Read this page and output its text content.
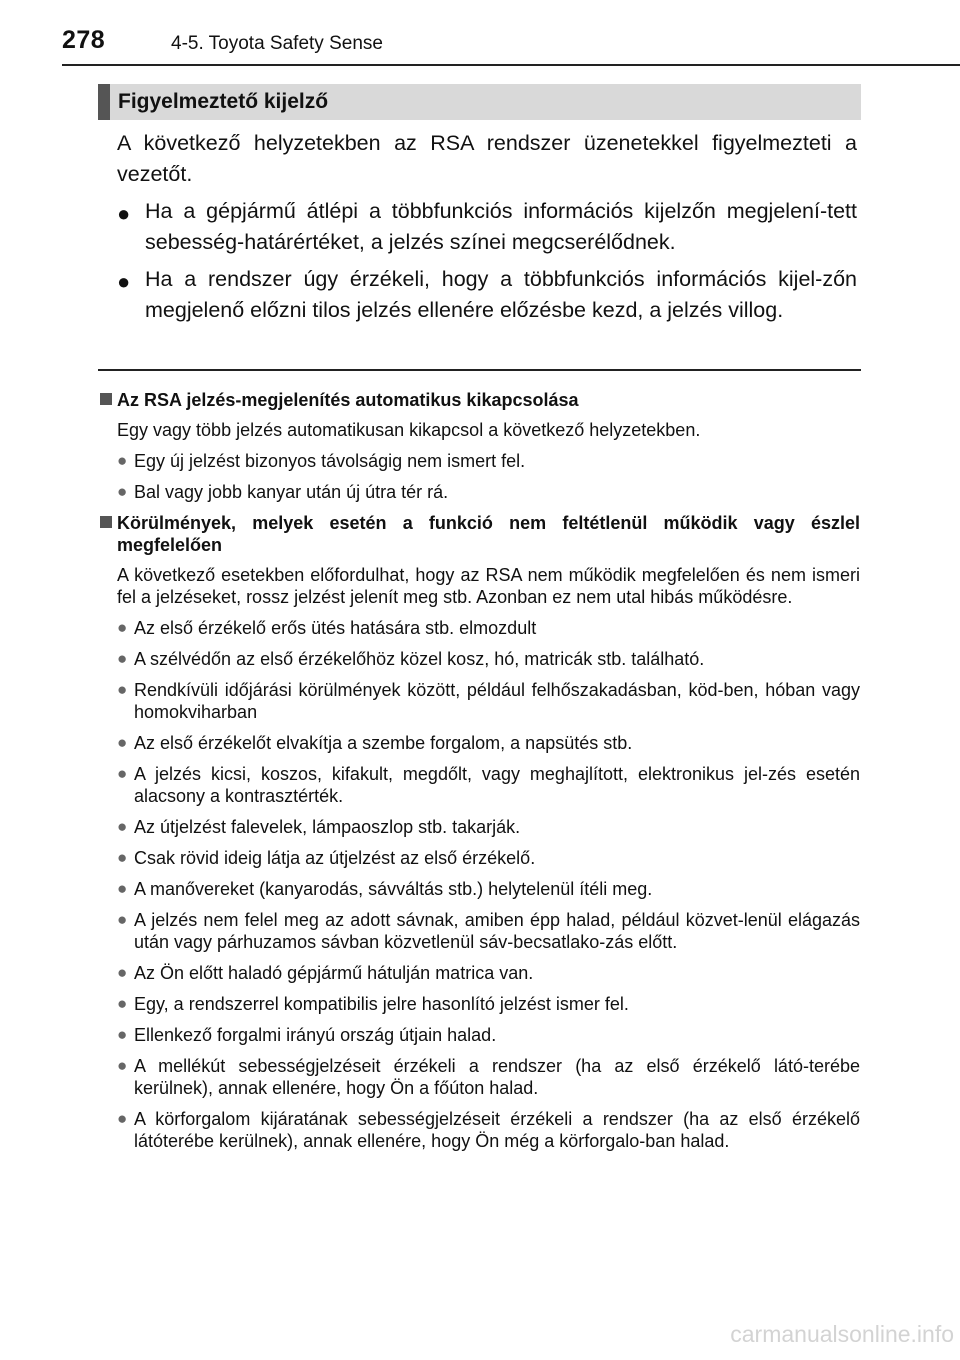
278	4-5. Toyota Safety Sense
Figyelmeztető kijelző

A következő helyzetekben az RSA rendszer üzenetekkel figyelmezteti a vezetőt.

● Ha a gépjármű átlépi a többfunkciós információs kijelzőn megjelení-tett sebesség-határértéket, a jelzés színei megcserélődnek.
● Ha a rendszer úgy érzékeli, hogy a többfunkciós információs kijel-zőn megjelenő előzni tilos jelzés ellenére előzésbe kezd, a jelzés villog.
Az RSA jelzés-megjelenítés automatikus kikapcsolása
Egy vagy több jelzés automatikusan kikapcsol a következő helyzetekben.
● Egy új jelzést bizonyos távolságig nem ismert fel.
● Bal vagy jobb kanyar után új útra tér rá.
Körülmények, melyek esetén a funkció nem feltétlenül működik vagy észlel megfelelően
A következő esetekben előfordulhat, hogy az RSA nem működik megfelelően és nem ismeri fel a jelzéseket, rossz jelzést jelenít meg stb. Azonban ez nem utal hibás működésre.
● Az első érzékelő erős ütés hatására stb. elmozdult
● A szélvédőn az első érzékelőhöz közel kosz, hó, matricák stb. található.
● Rendkívüli időjárási körülmények között, például felhőszakadásban, köd-ben, hóban vagy homokviharban
● Az első érzékelőt elvakítja a szembe forgalom, a napsütés stb.
● A jelzés kicsi, koszos, kifakult, megdőlt, vagy meghajlított, elektronikus jel-zés esetén alacsony a kontrasztérték.
● Az útjelzést falevelek, lámpaoszlop stb. takarják.
● Csak rövid ideig látja az útjelzést az első érzékelő.
● A manővereket (kanyarodás, sávváltás stb.) helytelenül ítéli meg.
● A jelzés nem felel meg az adott sávnak, amiben épp halad, például közvet-lenül elágazás után vagy párhuzamos sávban közvetlenül sáv-becsatlako-zás előtt.
● Az Ön előtt haladó gépjármű hátulján matrica van.
● Egy, a rendszerrel kompatibilis jelre hasonlító jelzést ismer fel.
● Ellenkező forgalmi irányú ország útjain halad.
● A mellékút sebességjelzéseit érzékeli a rendszer (ha az első érzékelő látó-terébe kerülnek), annak ellenére, hogy Ön a főúton halad.
● A körforgalom kijáratának sebességjelzéseit érzékeli a rendszer (ha az első érzékelő látóterébe kerülnek), annak ellenére, hogy Ön még a körforgalo-ban halad.
carmanualsonline.info
